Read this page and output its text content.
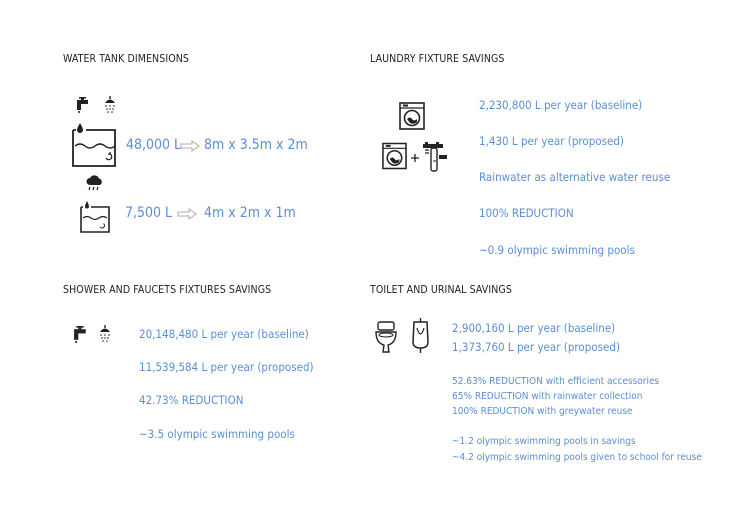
WATER TANK DIMENSIONS
48,000 L 8m x 3.5m x 2m
7,500 L 4m x 2m x 1m
LAUNDRY FIXTURE SAVINGS
2,230,800 L per year (baseline)
1,430 L per year (proposed)
Rainwater as alternative water reuse
100% REDUCTION
~0.9 olympic swimming pools
SHOWER AND FAUCETS FIXTURES SAVINGS
20,148,480 L per year (baseline)
11,539,584 L per year (proposed)
42.73% REDUCTION
~3.5 olympic swimming pools
TOILET AND URINAL SAVINGS
2,900,160 L per year (baseline)
1,373,760 L per year (proposed)
52.63% REDUCTION with efficient accessories
65% REDUCTION with rainwater collection
100% REDUCTION with greywater reuse
~1.2 olympic swimming pools in savings
~4.2 olympic swimming pools given to school for reuse
